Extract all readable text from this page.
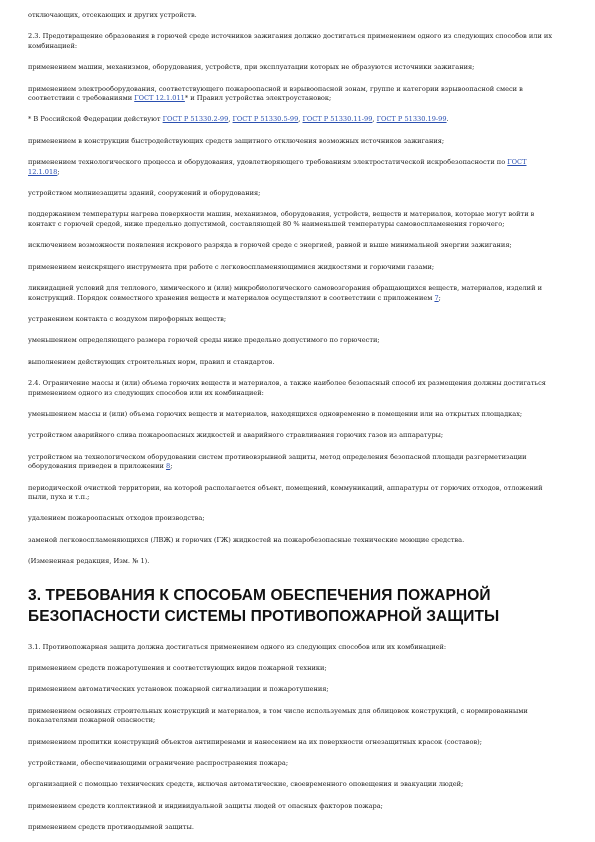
отключающих, отсекающих и других устройств.

2.3. Предотвращение образования в горючей среде источников зажигания должно достигаться применением одного из следующих способов или их комбинацией:

применением машин, механизмов, оборудования, устройств, при эксплуатации которых не образуются источники зажигания;

применением электрооборудования, соответствующего пожароопасной и взрывоопасной зонам, группе и категории взрывоопасной смеси в соответствии с требованиями ГОСТ 12.1.011* и Правил устройства электроустановок;

* В Российской Федерации действуют ГОСТ Р 51330.2-99, ГОСТ Р 51330.5-99, ГОСТ Р 51330.11-99, ГОСТ Р 51330.19-99.

применением в конструкции быстродействующих средств защитного отключения возможных источников зажигания;

применением технологического процесса и оборудования, удовлетворяющего требованиям электростатической искробезопасности по ГОСТ 12.1.018;

устройством молниезащиты зданий, сооружений и оборудования;

поддержанием температуры нагрева поверхности машин, механизмов, оборудования, устройств, веществ и материалов, которые могут войти в контакт с горючей средой, ниже предельно допустимой, составляющей 80 % наименьшей температуры самовоспламенения горючего;

исключением возможности появления искрового разряда в горючей среде с энергией, равной и выше минимальной энергии зажигания;

применением неискрящего инструмента при работе с легковоспламеняющимися жидкостями и горючими газами;

ликвидацией условий для теплового, химического и (или) микробиологического самовозгорания обращающихся веществ, материалов, изделий и конструкций. Порядок совместного хранения веществ и материалов осуществляют в соответствии с приложением 7;

устранением контакта с воздухом пирофорных веществ;

уменьшением определяющего размера горючей среды ниже предельно допустимого по горючести;

выполнением действующих строительных норм, правил и стандартов.

2.4. Ограничение массы и (или) объема горючих веществ и материалов, а также наиболее безопасный способ их размещения должны достигаться применением одного из следующих способов или их комбинацией:

уменьшением массы и (или) объема горючих веществ и материалов, находящихся одновременно в помещении или на открытых площадках;

устройством аварийного слива пожароопасных жидкостей и аварийного стравливания горючих газов из аппаратуры;

устройством на технологическом оборудовании систем противовзрывной защиты, метод определения безопасной площади разгерметизации оборудования приведен в приложении 8;

периодической очисткой территории, на которой располагается объект, помещений, коммуникаций, аппаратуры от горючих отходов, отложений пыли, пуха и т.п.;

удалением пожароопасных отходов производства;

заменой легковоспламеняющихся (ЛВЖ) и горючих (ГЖ) жидкостей на пожаробезопасные технические моющие средства.

(Измененная редакция, Изм. № 1).

3. ТРЕБОВАНИЯ К СПОСОБАМ ОБЕСПЕЧЕНИЯ ПОЖАРНОЙ БЕЗОПАСНОСТИ СИСТЕМЫ ПРОТИВОПОЖАРНОЙ ЗАЩИТЫ

3.1. Противопожарная защита должна достигаться применением одного из следующих способов или их комбинацией:

применением средств пожаротушения и соответствующих видов пожарной техники;

применением автоматических установок пожарной сигнализации и пожаротушения;

применением основных строительных конструкций и материалов, в том числе используемых для облицовок конструкций, с нормированными показателями пожарной опасности;

применением пропитки конструкций объектов антипиренами и нанесением на их поверхности огнезащитных красок (составов);

устройствами, обеспечивающими ограничение распространения пожара;

организацией с помощью технических средств, включая автоматические, своевременного оповещения и эвакуации людей;

применением средств коллективной и индивидуальной защиты людей от опасных факторов пожара;

применением средств противодымной защиты.
